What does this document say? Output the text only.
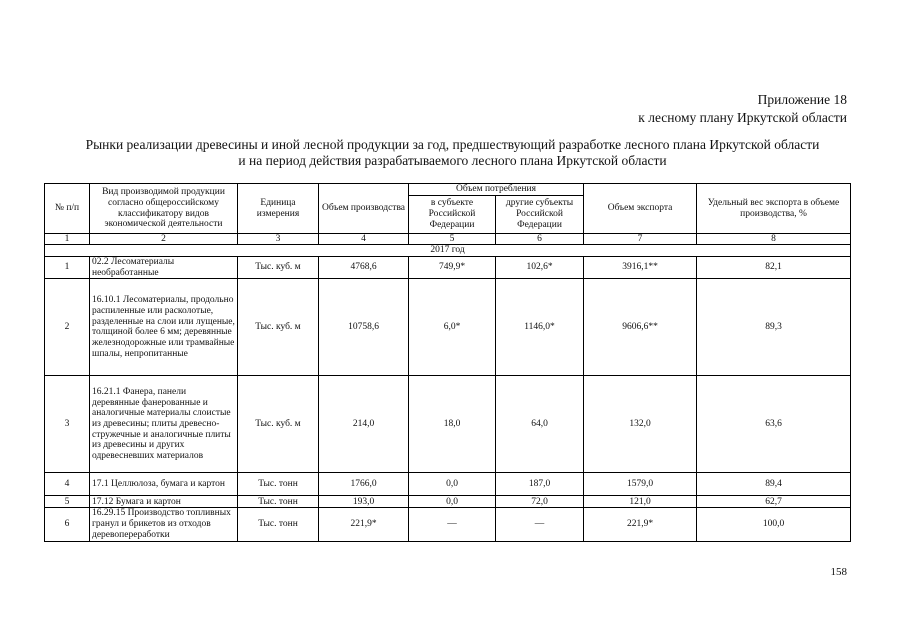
Приложение 18
к лесному плану Иркутской области
Рынки реализации древесины и иной лесной продукции за год, предшествующий разработке лесного плана Иркутской области
и на период действия разрабатываемого лесного плана Иркутской области
№ п/п	Вид производимой продукции согласно общероссийскому классификатору видов экономической деятельности	Единица измерения	Объем производства	Объем потребления		Объем экспорта	Удельный вес экспорта в объеме производства, %
				в субъекте Российской Федерации	другие субъекты Российской Федерации		
1	2	3	4	5	6	7	8
2017 год							
1	02.2 Лесоматериалы необработанные	Тыс. куб. м	4768,6	749,9*	102,6*	3916,1**	82,1
2	16.10.1 Лесоматериалы, продольно распиленные или расколотые, разделенные на слои или лущеные, толщиной более 6 мм; деревянные железнодорожные или трамвайные шпалы, непропитанные	Тыс. куб. м	10758,6	6,0*	1146,0*	9606,6**	89,3
3	16.21.1 Фанера, панели деревянные фанерованные и аналогичные материалы слоистые из древесины; плиты древесно-стружечные и аналогичные плиты из древесины и других одревесневших материалов	Тыс. куб. м	214,0	18,0	64,0	132,0	63,6
4	17.1 Целлюлоза, бумага и картон	Тыс. тонн	1766,0	0,0	187,0	1579,0	89,4
5	17.12 Бумага и картон	Тыс. тонн	193,0	0,0	72,0	121,0	62,7
6	16.29.15 Производство топливных гранул и брикетов из отходов деревопереработки	Тыс. тонн	221,9*	—	—	221,9*	100,0
158
